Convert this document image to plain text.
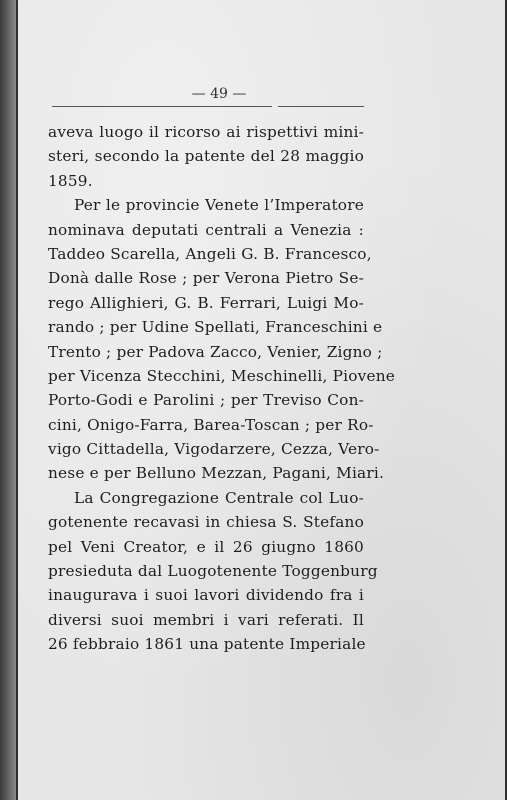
— 49 —
aveva luogo il ricorso ai rispettivi mini-
steri, secondo la patente del 28 maggio
1859.
Per le provincie Venete l’Imperatore
nominava deputati centrali a Venezia :
Taddeo Scarella, Angeli G. B. Francesco,
Donà dalle Rose ; per Verona Pietro Se-
rego Allighieri, G. B. Ferrari, Luigi Mo-
rando ; per Udine Spellati, Franceschini e
Trento ; per Padova Zacco, Venier, Zigno ;
per Vicenza Stecchini, Meschinelli, Piovene
Porto-Godi e Parolini ; per Treviso Con-
cini, Onigo-Farra, Barea-Toscan ; per Ro-
vigo Cittadella, Vigodarzere, Cezza, Vero-
nese e per Belluno Mezzan, Pagani, Miari.
La Congregazione Centrale col Luo-
gotenente recavasi in chiesa S. Stefano
pel Veni Creator, e il 26 giugno 1860
presieduta dal Luogotenente Toggenburg
inaugurava i suoi lavori dividendo fra i
diversi suoi membri i vari referati. Il
26 febbraio 1861 una patente Imperiale
